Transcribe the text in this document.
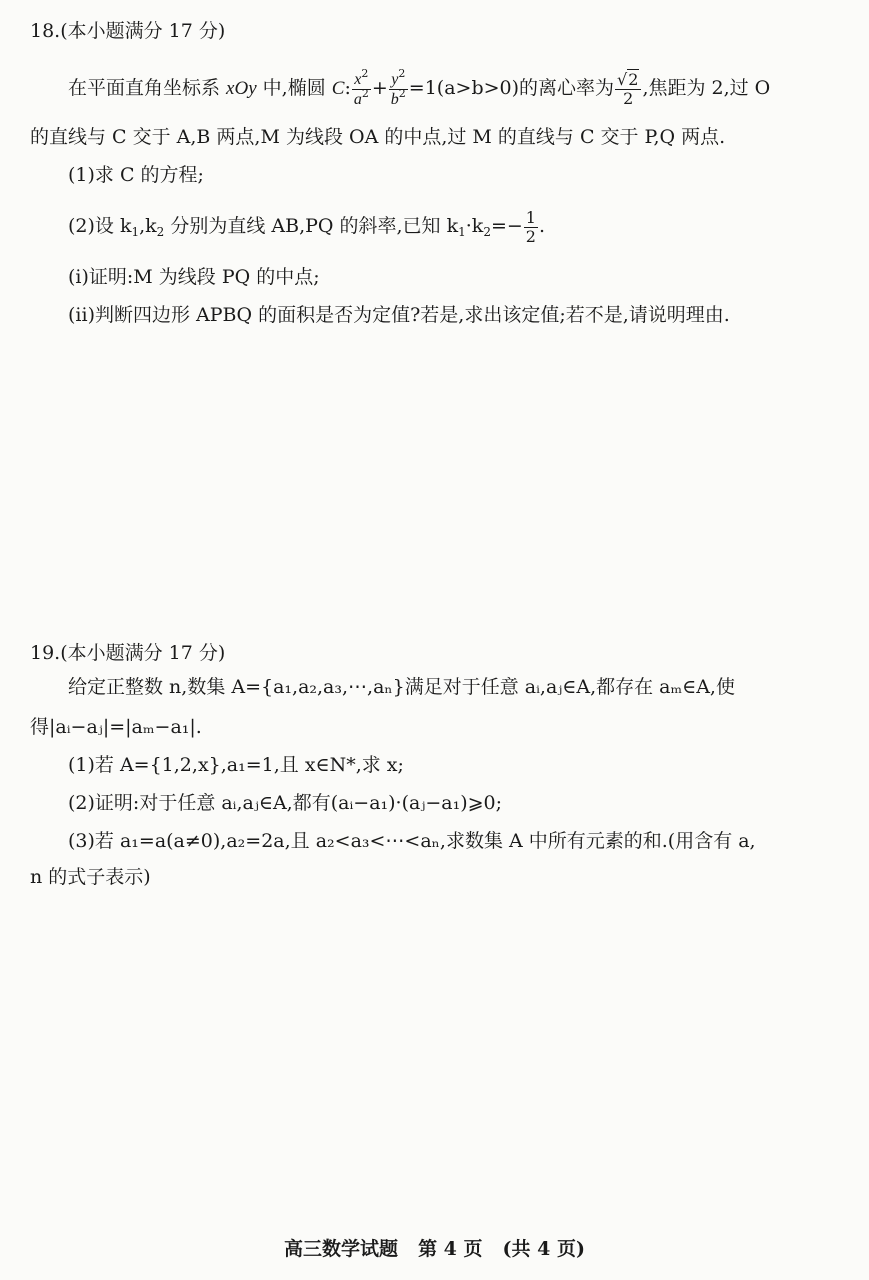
18.(本小题满分 17 分)
在平面直角坐标系 xOy 中,椭圆 C: $\frac{x^2}{a^2} + \frac{y^2}{b^2} =1(a>b>0)$的离心率为 $\frac{√2}{2}$ ,焦距为 2,过 O
的直线与 C 交于 A,B 两点,M 为线段 OA 的中点,过 M 的直线与 C 交于 P,Q 两点.
(1)求 C 的方程;
(2)设 $k_1,k_2$ 分别为直线 AB,PQ 的斜率,已知 $k_1\cdot k_2=- \frac{1}{2}$ .
(i)证明:M 为线段 PQ 的中点;
(ii)判断四边形 APBQ 的面积是否为定值?若是,求出该定值;若不是,请说明理由.
19.(本小题满分 17 分)
给定正整数 n,数集 A={a₁,a₂,a₃,⋯,aₙ}满足对于任意 aᵢ,aⱼ∈A,都存在 aₘ∈A,使
得|aᵢ−aⱼ|=|aₘ−a₁|.
(1)若 A={1,2,x},a₁=1,且 x∈N*,求 x;
(2)证明:对于任意 aᵢ,aⱼ∈A,都有(aᵢ−a₁)·(aⱼ−a₁)⩾0;
(3)若 a₁=a(a≠0),a₂=2a,且 a₂<a₃<⋯<aₙ,求数集 A 中所有元素的和.(用含有 a,
n 的式子表示)
高三数学试题 第 4 页 (共 4 页)
